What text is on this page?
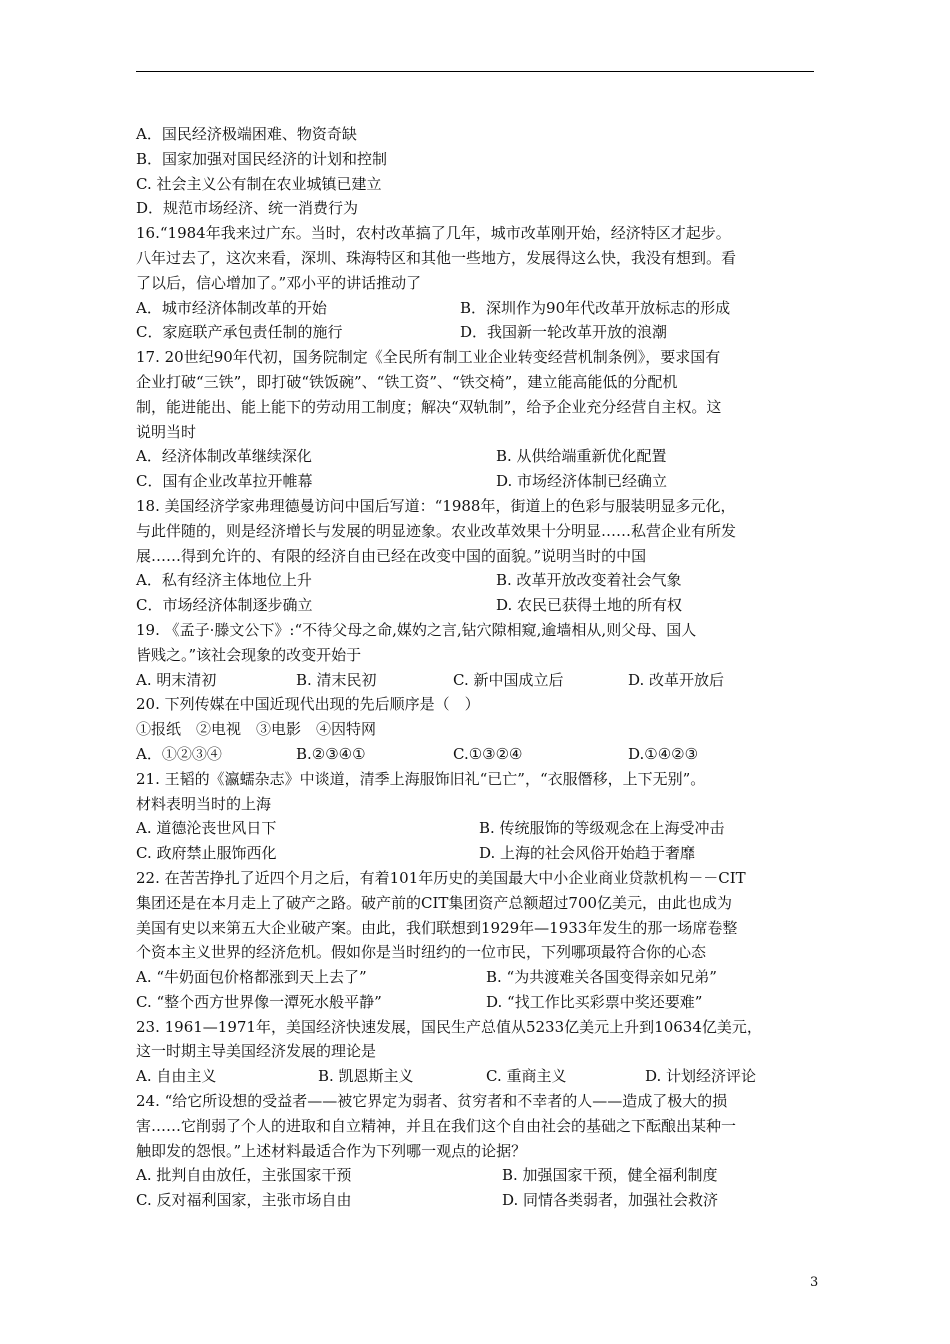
A．国民经济极端困难、物资奇缺
B．国家加强对国民经济的计划和控制
C. 社会主义公有制在农业城镇已建立
D．规范市场经济、统一消费行为
16.“1984年我来过广东。当时，农村改革搞了几年，城市改革刚开始，经济特区才起步。
八年过去了，这次来看，深圳、珠海特区和其他一些地方，发展得这么快，我没有想到。看
了以后，信心增加了。”邓小平的讲话推动了
A．城市经济体制改革的开始	B．深圳作为90年代改革开放标志的形成
C．家庭联产承包责任制的施行	D．我国新一轮改革开放的浪潮
17. 20世纪90年代初，国务院制定《全民所有制工业企业转变经营机制条例》，要求国有
企业打破“三铁”，即打破“铁饭碗”、“铁工资”、“铁交椅”，建立能高能低的分配机
制，能进能出、能上能下的劳动用工制度；解决“双轨制”，给予企业充分经营自主权。这
说明当时
A．经济体制改革继续深化	B. 从供给端重新优化配置
C．国有企业改革拉开帷幕	D. 市场经济体制已经确立
18. 美国经济学家弗理德曼访问中国后写道：“1988年，街道上的色彩与服装明显多元化，
与此伴随的，则是经济增长与发展的明显迹象。农业改革效果十分明显……私营企业有所发
展……得到允许的、有限的经济自由已经在改变中国的面貌。”说明当时的中国
A．私有经济主体地位上升	B. 改革开放改变着社会气象
C．市场经济体制逐步确立	D. 农民已获得土地的所有权
19. 《孟子·滕文公下》:“不待父母之命,媒妁之言,钻穴隙相窥,逾墙相从,则父母、国人
皆贱之。”该社会现象的改变开始于
A. 明末清初	B. 清末民初	C. 新中国成立后	D. 改革开放后
20. 下列传媒在中国近现代出现的先后顺序是（　）
①报纸　②电视　③电影　④因特网
A．①②③④	B.②③④①	C.①③②④	D.①④②③
21. 王韬的《瀛蠕杂志》中谈道，清季上海服饰旧礼“已亡”，“衣服僭移，上下无别”。
材料表明当时的上海
A. 道德沦丧世风日下	B. 传统服饰的等级观念在上海受冲击
C. 政府禁止服饰西化	D. 上海的社会风俗开始趋于奢靡
22. 在苦苦挣扎了近四个月之后，有着101年历史的美国最大中小企业商业贷款机构－－CIT
集团还是在本月走上了破产之路。破产前的CIT集团资产总额超过700亿美元，由此也成为
美国有史以来第五大企业破产案。由此，我们联想到1929年—1933年发生的那一场席卷整
个资本主义世界的经济危机。假如你是当时纽约的一位市民，下列哪项最符合你的心态
A. “牛奶面包价格都涨到天上去了”	B. “为共渡难关各国变得亲如兄弟”
C. “整个西方世界像一潭死水般平静”	D. “找工作比买彩票中奖还要难”
23. 1961—1971年，美国经济快速发展，国民生产总值从5233亿美元上升到10634亿美元，
这一时期主导美国经济发展的理论是
A. 自由主义	B. 凯恩斯主义	C. 重商主义	D. 计划经济评论
24. “给它所设想的受益者——被它界定为弱者、贫穷者和不幸者的人——造成了极大的损
害……它削弱了个人的进取和自立精神，并且在我们这个自由社会的基础之下酝酿出某种一
触即发的怨恨。”上述材料最适合作为下列哪一观点的论据？
A. 批判自由放任，主张国家干预	B. 加强国家干预，健全福利制度
C. 反对福利国家，主张市场自由	D. 同情各类弱者，加强社会救济
3
